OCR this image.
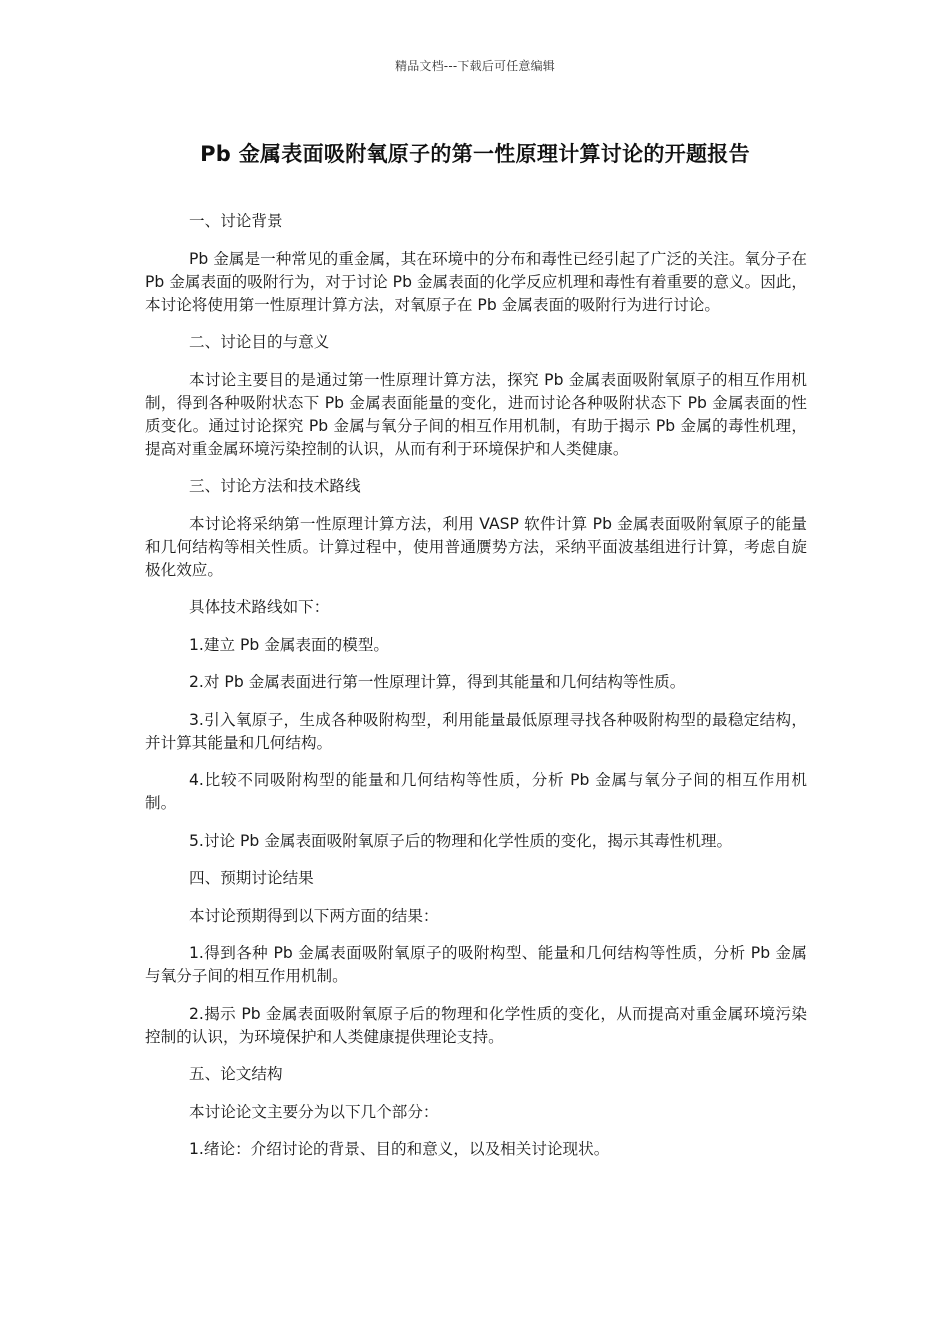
精品文档---下载后可任意编辑
Pb 金属表面吸附氧原子的第一性原理计算讨论的开题报告

一、讨论背景

Pb 金属是一种常见的重金属，其在环境中的分布和毒性已经引起了广泛的关注。氧分子在 Pb 金属表面的吸附行为，对于讨论 Pb 金属表面的化学反应机理和毒性有着重要的意义。因此，本讨论将使用第一性原理计算方法，对氧原子在 Pb 金属表面的吸附行为进行讨论。

二、讨论目的与意义

本讨论主要目的是通过第一性原理计算方法，探究 Pb 金属表面吸附氧原子的相互作用机制，得到各种吸附状态下 Pb 金属表面能量的变化，进而讨论各种吸附状态下 Pb 金属表面的性质变化。通过讨论探究 Pb 金属与氧分子间的相互作用机制，有助于揭示 Pb 金属的毒性机理，提高对重金属环境污染控制的认识，从而有利于环境保护和人类健康。

三、讨论方法和技术路线

本讨论将采纳第一性原理计算方法，利用 VASP 软件计算 Pb 金属表面吸附氧原子的能量和几何结构等相关性质。计算过程中，使用普通赝势方法，采纳平面波基组进行计算，考虑自旋极化效应。

具体技术路线如下：

1.建立 Pb 金属表面的模型。

2.对 Pb 金属表面进行第一性原理计算，得到其能量和几何结构等性质。

3.引入氧原子，生成各种吸附构型，利用能量最低原理寻找各种吸附构型的最稳定结构，并计算其能量和几何结构。

4.比较不同吸附构型的能量和几何结构等性质，分析 Pb 金属与氧分子间的相互作用机制。

5.讨论 Pb 金属表面吸附氧原子后的物理和化学性质的变化，揭示其毒性机理。

四、预期讨论结果

本讨论预期得到以下两方面的结果：

1.得到各种 Pb 金属表面吸附氧原子的吸附构型、能量和几何结构等性质，分析 Pb 金属与氧分子间的相互作用机制。

2.揭示 Pb 金属表面吸附氧原子后的物理和化学性质的变化，从而提高对重金属环境污染控制的认识，为环境保护和人类健康提供理论支持。

五、论文结构

本讨论论文主要分为以下几个部分：

1.绪论：介绍讨论的背景、目的和意义，以及相关讨论现状。
